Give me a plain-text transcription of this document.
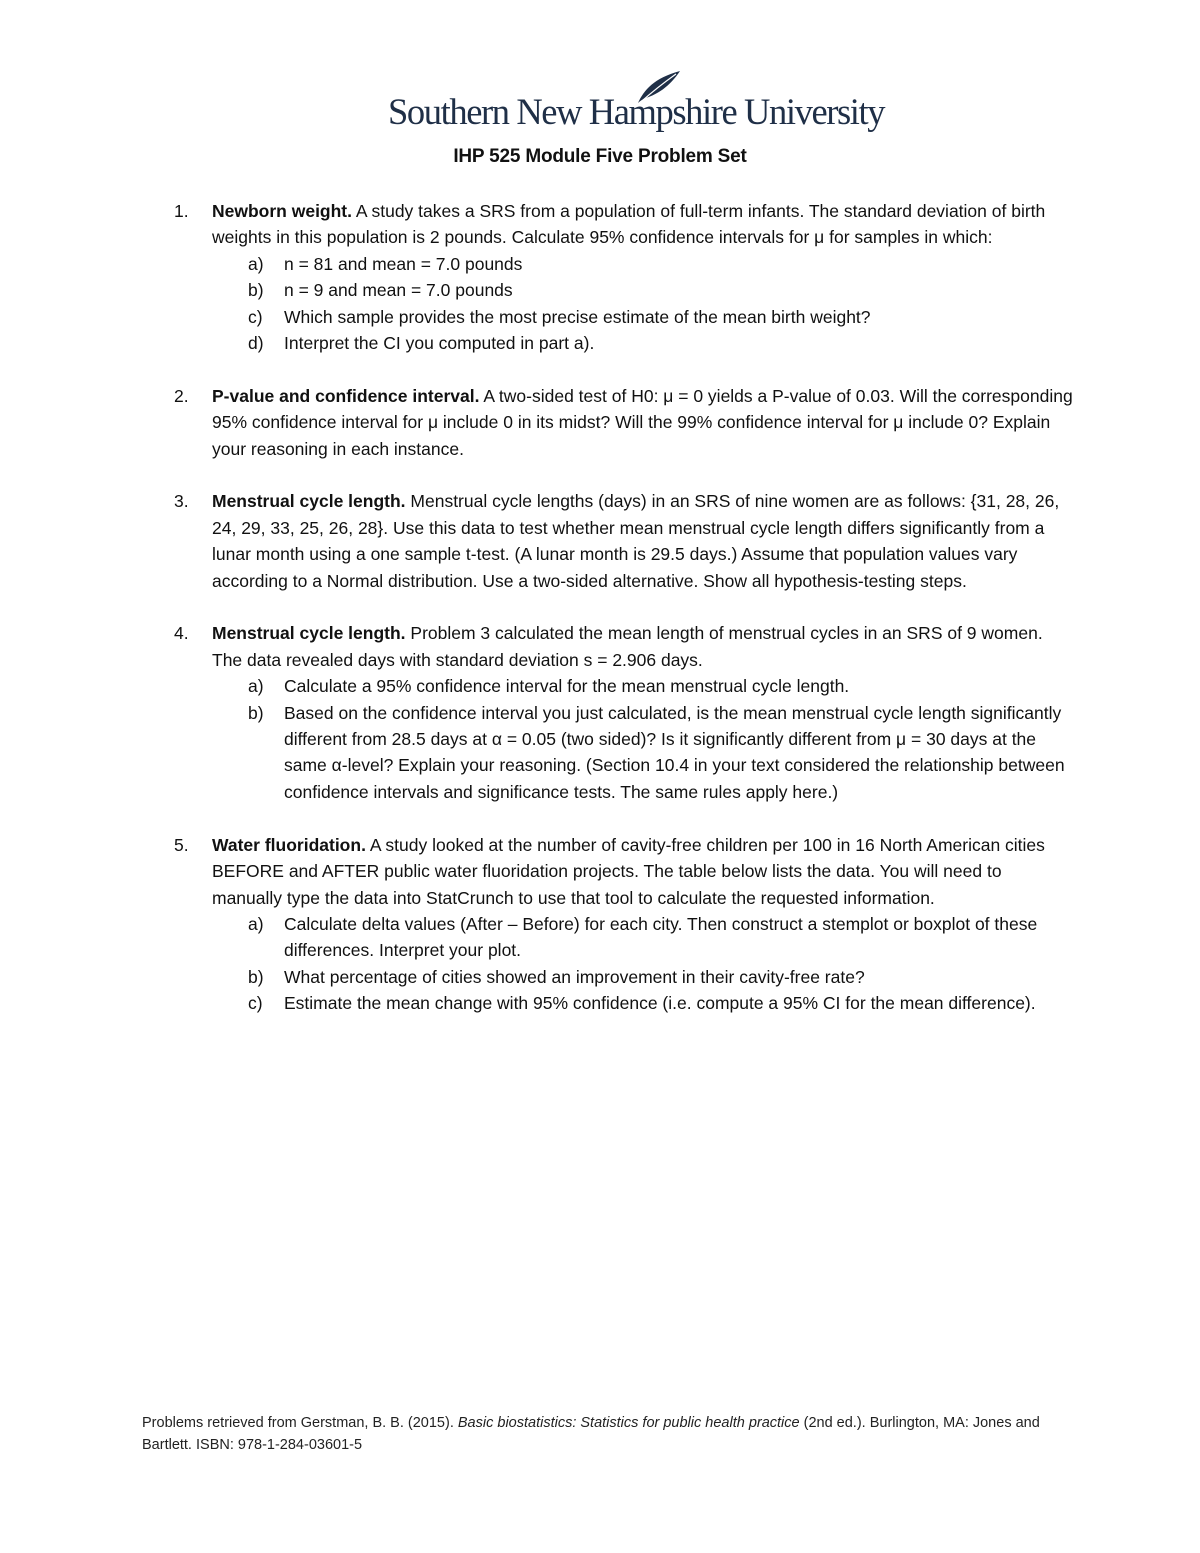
Southern New Hampshire University
IHP 525 Module Five Problem Set
1. Newborn weight. A study takes a SRS from a population of full-term infants. The standard deviation of birth weights in this population is 2 pounds. Calculate 95% confidence intervals for μ for samples in which:
a) n = 81 and mean = 7.0 pounds
b) n = 9 and mean = 7.0 pounds
c) Which sample provides the most precise estimate of the mean birth weight?
d) Interpret the CI you computed in part a).
2. P-value and confidence interval. A two-sided test of H0: μ = 0 yields a P-value of 0.03. Will the corresponding 95% confidence interval for μ include 0 in its midst? Will the 99% confidence interval for μ include 0? Explain your reasoning in each instance.
3. Menstrual cycle length. Menstrual cycle lengths (days) in an SRS of nine women are as follows: {31, 28, 26, 24, 29, 33, 25, 26, 28}. Use this data to test whether mean menstrual cycle length differs significantly from a lunar month using a one sample t-test. (A lunar month is 29.5 days.) Assume that population values vary according to a Normal distribution. Use a two-sided alternative. Show all hypothesis-testing steps.
4. Menstrual cycle length. Problem 3 calculated the mean length of menstrual cycles in an SRS of 9 women. The data revealed days with standard deviation s = 2.906 days.
a) Calculate a 95% confidence interval for the mean menstrual cycle length.
b) Based on the confidence interval you just calculated, is the mean menstrual cycle length significantly different from 28.5 days at α = 0.05 (two sided)? Is it significantly different from μ = 30 days at the same α-level? Explain your reasoning. (Section 10.4 in your text considered the relationship between confidence intervals and significance tests. The same rules apply here.)
5. Water fluoridation. A study looked at the number of cavity-free children per 100 in 16 North American cities BEFORE and AFTER public water fluoridation projects. The table below lists the data. You will need to manually type the data into StatCrunch to use that tool to calculate the requested information.
a) Calculate delta values (After – Before) for each city. Then construct a stemplot or boxplot of these differences. Interpret your plot.
b) What percentage of cities showed an improvement in their cavity-free rate?
c) Estimate the mean change with 95% confidence (i.e. compute a 95% CI for the mean difference).
Problems retrieved from Gerstman, B. B. (2015). Basic biostatistics: Statistics for public health practice (2nd ed.). Burlington, MA: Jones and Bartlett. ISBN: 978-1-284-03601-5
